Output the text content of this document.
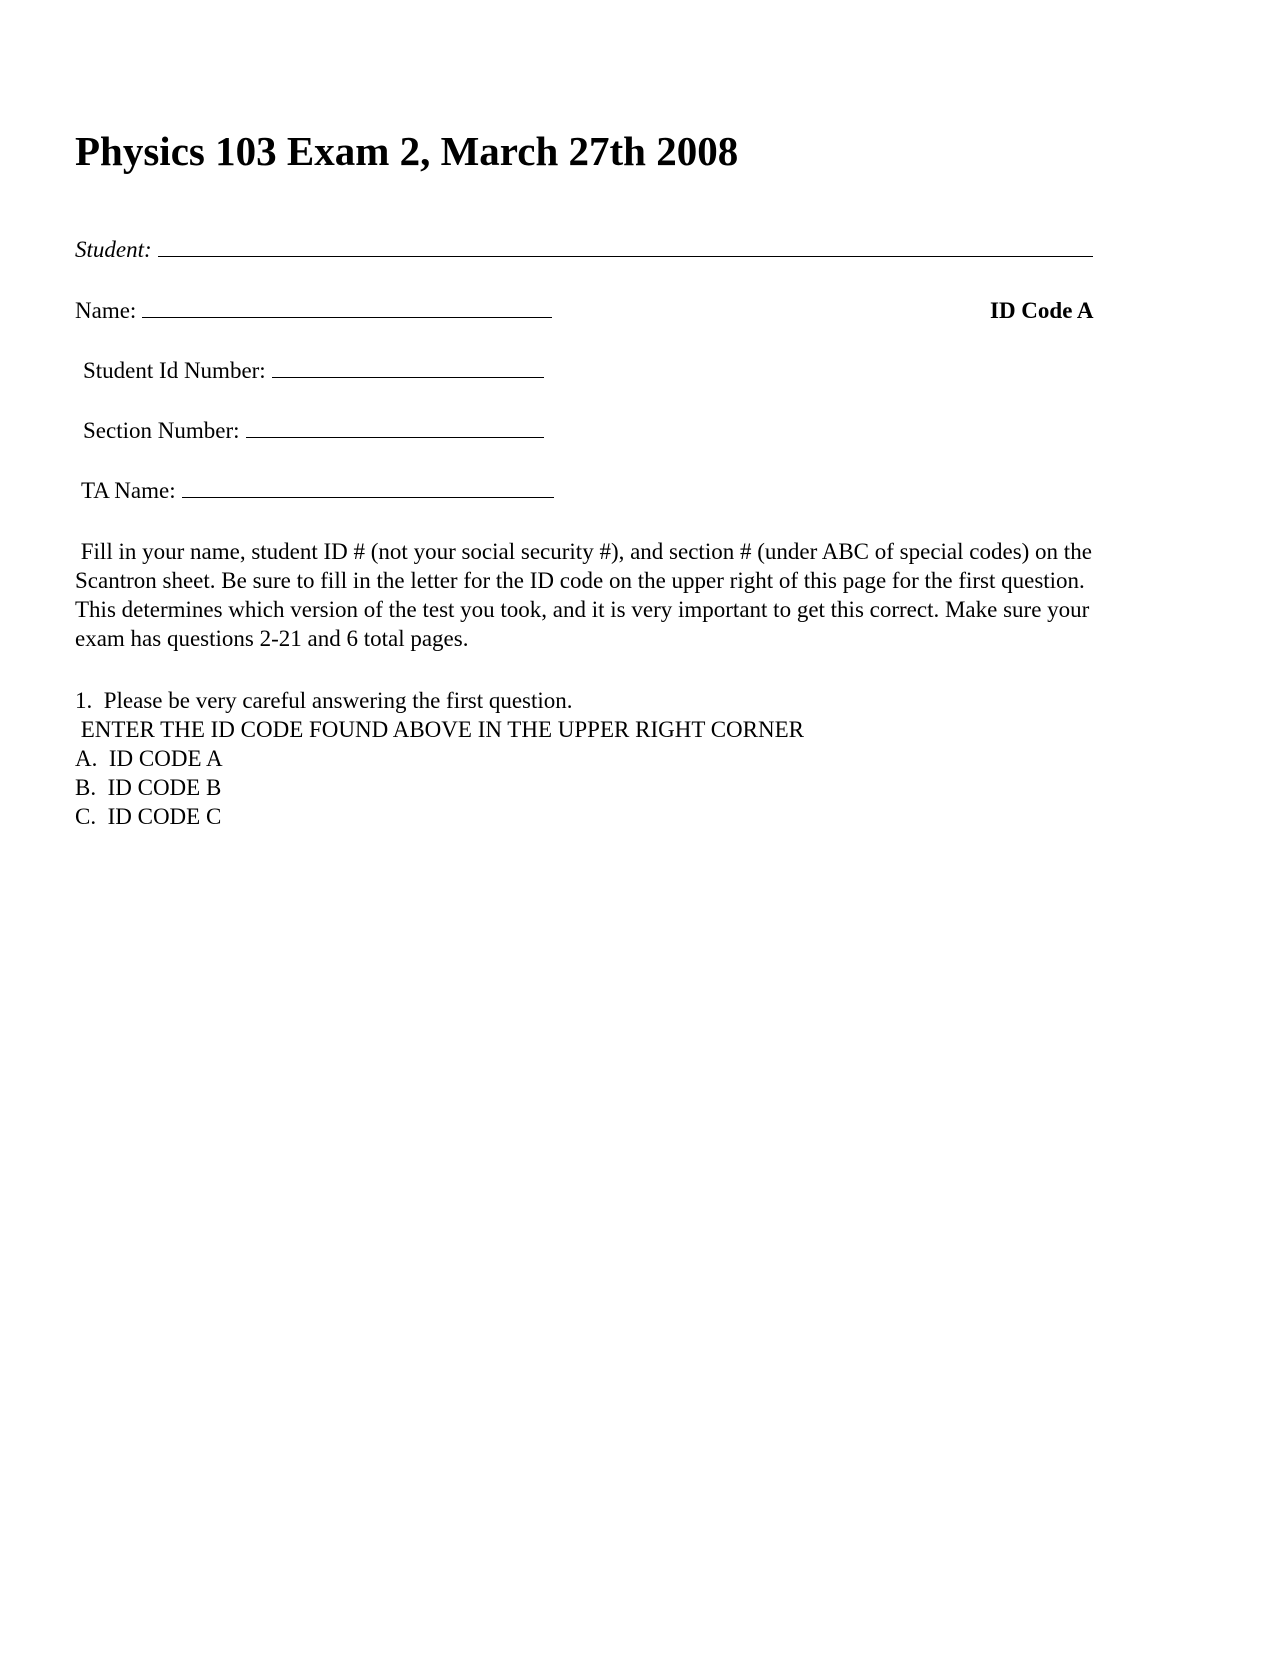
Physics 103 Exam 2, March 27th 2008
Student:
Name:	ID Code A
Student Id Number:
Section Number:
TA Name:
Fill in your name, student ID # (not your social security #), and section # (under ABC of special codes) on the
Scantron sheet. Be sure to fill in the letter for the ID code on the upper right of this page for the first question.
This determines which version of the test you took, and it is very important to get this correct. Make sure your
exam has questions 2-21 and 6 total pages.
1.  Please be very careful answering the first question.
ENTER THE ID CODE FOUND ABOVE IN THE UPPER RIGHT CORNER
A.  ID CODE A
B.  ID CODE B
C.  ID CODE C
